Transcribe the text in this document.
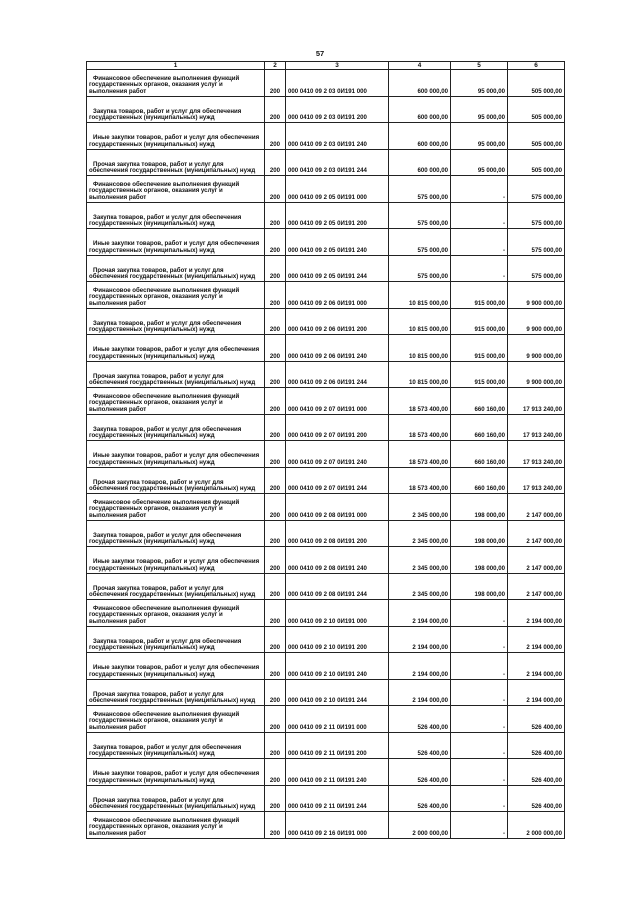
57
1	2	3	4	5	6
Финансовое обеспечение выполнения функций государственных органов, оказания услуг и выполнения работ	200	000 0410 09 2 03 0И191 000	600 000,00	95 000,00	505 000,00
Закупка товаров, работ и услуг для обеспечения государственных (муниципальных) нужд	200	000 0410 09 2 03 0И191 200	600 000,00	95 000,00	505 000,00
Иные закупки товаров, работ и услуг для обеспечения государственных (муниципальных) нужд	200	000 0410 09 2 03 0И191 240	600 000,00	95 000,00	505 000,00
Прочая закупка товаров, работ и услуг для обеспечения государственных (муниципальных) нужд	200	000 0410 09 2 03 0И191 244	600 000,00	95 000,00	505 000,00
Финансовое обеспечение выполнения функций государственных органов, оказания услуг и выполнения работ	200	000 0410 09 2 05 0И191 000	575 000,00	-	575 000,00
Закупка товаров, работ и услуг для обеспечения государственных (муниципальных) нужд	200	000 0410 09 2 05 0И191 200	575 000,00	-	575 000,00
Иные закупки товаров, работ и услуг для обеспечения государственных (муниципальных) нужд	200	000 0410 09 2 05 0И191 240	575 000,00	-	575 000,00
Прочая закупка товаров, работ и услуг для обеспечения государственных (муниципальных) нужд	200	000 0410 09 2 05 0И191 244	575 000,00	-	575 000,00
Финансовое обеспечение выполнения функций государственных органов, оказания услуг и выполнения работ	200	000 0410 09 2 06 0И191 000	10 815 000,00	915 000,00	9 900 000,00
Закупка товаров, работ и услуг для обеспечения государственных (муниципальных) нужд	200	000 0410 09 2 06 0И191 200	10 815 000,00	915 000,00	9 900 000,00
Иные закупки товаров, работ и услуг для обеспечения государственных (муниципальных) нужд	200	000 0410 09 2 06 0И191 240	10 815 000,00	915 000,00	9 900 000,00
Прочая закупка товаров, работ и услуг для обеспечения государственных (муниципальных) нужд	200	000 0410 09 2 06 0И191 244	10 815 000,00	915 000,00	9 900 000,00
Финансовое обеспечение выполнения функций государственных органов, оказания услуг и выполнения работ	200	000 0410 09 2 07 0И191 000	18 573 400,00	660 160,00	17 913 240,00
Закупка товаров, работ и услуг для обеспечения государственных (муниципальных) нужд	200	000 0410 09 2 07 0И191 200	18 573 400,00	660 160,00	17 913 240,00
Иные закупки товаров, работ и услуг для обеспечения государственных (муниципальных) нужд	200	000 0410 09 2 07 0И191 240	18 573 400,00	660 160,00	17 913 240,00
Прочая закупка товаров, работ и услуг для обеспечения государственных (муниципальных) нужд	200	000 0410 09 2 07 0И191 244	18 573 400,00	660 160,00	17 913 240,00
Финансовое обеспечение выполнения функций государственных органов, оказания услуг и выполнения работ	200	000 0410 09 2 08 0И191 000	2 345 000,00	198 000,00	2 147 000,00
Закупка товаров, работ и услуг для обеспечения государственных (муниципальных) нужд	200	000 0410 09 2 08 0И191 200	2 345 000,00	198 000,00	2 147 000,00
Иные закупки товаров, работ и услуг для обеспечения государственных (муниципальных) нужд	200	000 0410 09 2 08 0И191 240	2 345 000,00	198 000,00	2 147 000,00
Прочая закупка товаров, работ и услуг для обеспечения государственных (муниципальных) нужд	200	000 0410 09 2 08 0И191 244	2 345 000,00	198 000,00	2 147 000,00
Финансовое обеспечение выполнения функций государственных органов, оказания услуг и выполнения работ	200	000 0410 09 2 10 0И191 000	2 194 000,00	-	2 194 000,00
Закупка товаров, работ и услуг для обеспечения государственных (муниципальных) нужд	200	000 0410 09 2 10 0И191 200	2 194 000,00	-	2 194 000,00
Иные закупки товаров, работ и услуг для обеспечения государственных (муниципальных) нужд	200	000 0410 09 2 10 0И191 240	2 194 000,00	-	2 194 000,00
Прочая закупка товаров, работ и услуг для обеспечения государственных (муниципальных) нужд	200	000 0410 09 2 10 0И191 244	2 194 000,00	-	2 194 000,00
Финансовое обеспечение выполнения функций государственных органов, оказания услуг и выполнения работ	200	000 0410 09 2 11 0И191 000	526 400,00	-	526 400,00
Закупка товаров, работ и услуг для обеспечения государственных (муниципальных) нужд	200	000 0410 09 2 11 0И191 200	526 400,00	-	526 400,00
Иные закупки товаров, работ и услуг для обеспечения государственных (муниципальных) нужд	200	000 0410 09 2 11 0И191 240	526 400,00	-	526 400,00
Прочая закупка товаров, работ и услуг для обеспечения государственных (муниципальных) нужд	200	000 0410 09 2 11 0И191 244	526 400,00	-	526 400,00
Финансовое обеспечение выполнения функций государственных органов, оказания услуг и выполнения работ	200	000 0410 09 2 16 0И191 000	2 000 000,00	-	2 000 000,00
